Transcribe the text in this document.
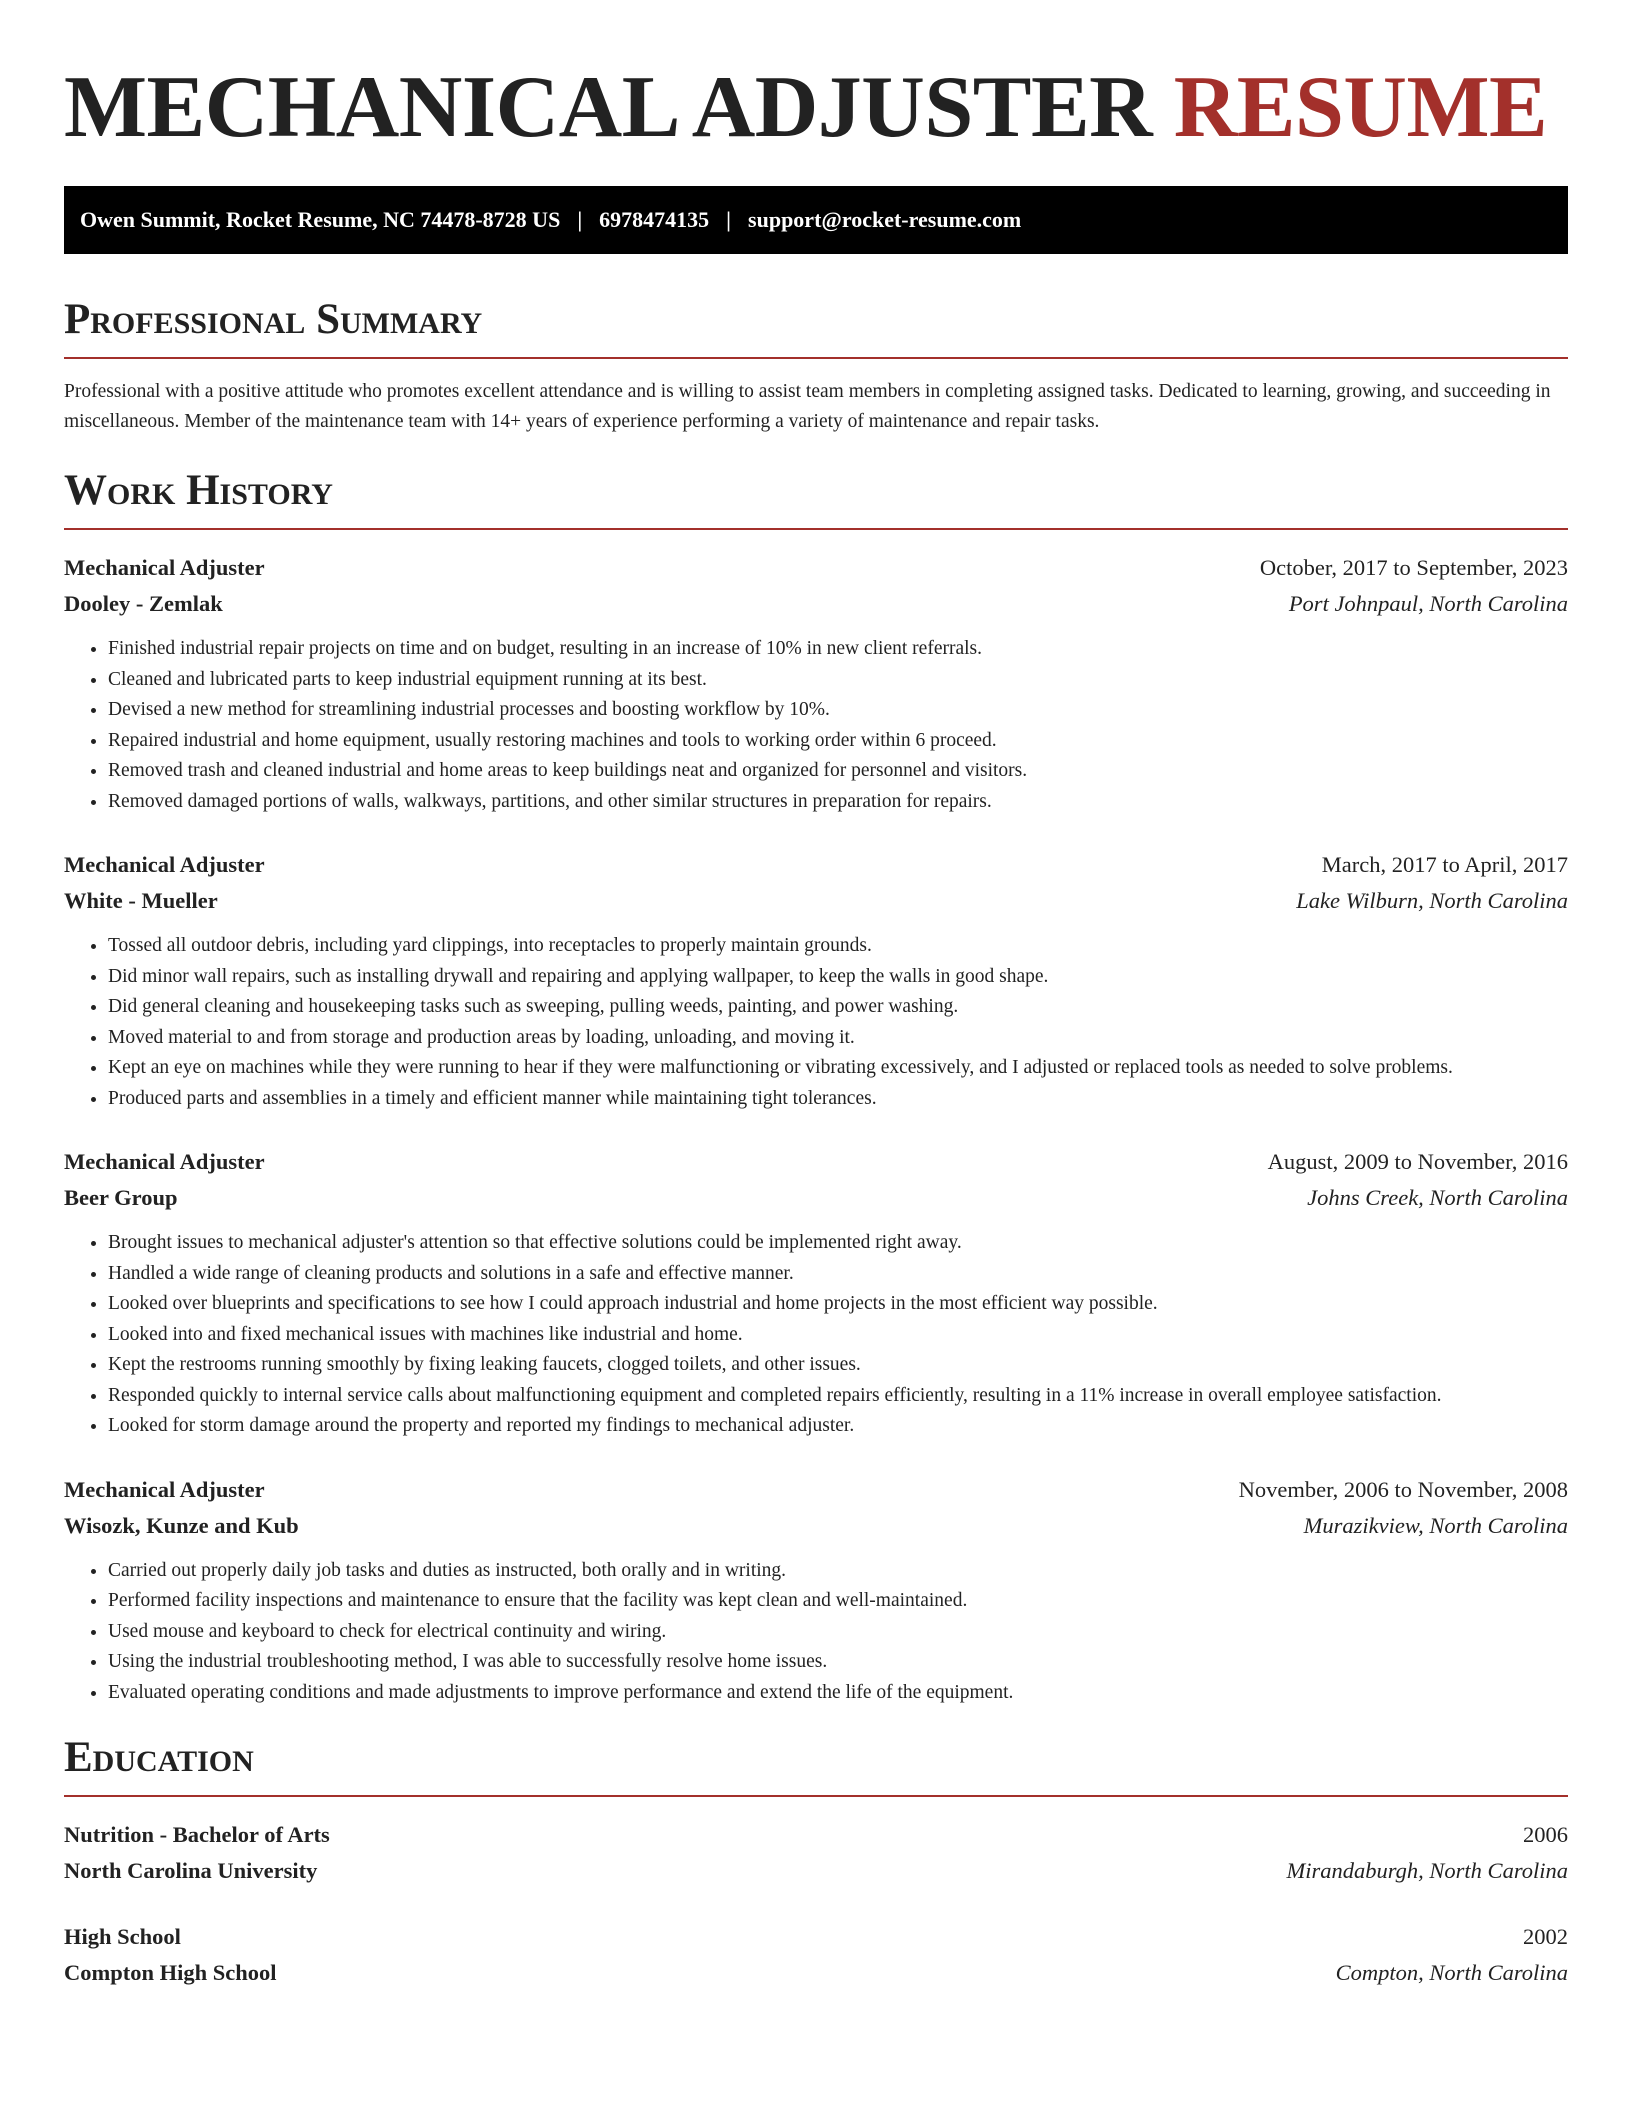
MECHANICAL ADJUSTER RESUME
Owen Summit, Rocket Resume, NC 74478-8728 US | 6978474135 | support@rocket-resume.com
Professional Summary

Professional with a positive attitude who promotes excellent attendance and is willing to assist team members in completing assigned tasks. Dedicated to learning, growing, and succeeding in miscellaneous. Member of the maintenance team with 14+ years of experience performing a variety of maintenance and repair tasks.

Work History
Mechanical Adjuster	October, 2017 to September, 2023
Dooley - Zemlak	Port Johnpaul, North Carolina
• Finished industrial repair projects on time and on budget, resulting in an increase of 10% in new client referrals.
• Cleaned and lubricated parts to keep industrial equipment running at its best.
• Devised a new method for streamlining industrial processes and boosting workflow by 10%.
• Repaired industrial and home equipment, usually restoring machines and tools to working order within 6 proceed.
• Removed trash and cleaned industrial and home areas to keep buildings neat and organized for personnel and visitors.
• Removed damaged portions of walls, walkways, partitions, and other similar structures in preparation for repairs.
Mechanical Adjuster	March, 2017 to April, 2017
White - Mueller	Lake Wilburn, North Carolina
• Tossed all outdoor debris, including yard clippings, into receptacles to properly maintain grounds.
• Did minor wall repairs, such as installing drywall and repairing and applying wallpaper, to keep the walls in good shape.
• Did general cleaning and housekeeping tasks such as sweeping, pulling weeds, painting, and power washing.
• Moved material to and from storage and production areas by loading, unloading, and moving it.
• Kept an eye on machines while they were running to hear if they were malfunctioning or vibrating excessively, and I adjusted or replaced tools as needed to solve problems.
• Produced parts and assemblies in a timely and efficient manner while maintaining tight tolerances.
Mechanical Adjuster	August, 2009 to November, 2016
Beer Group	Johns Creek, North Carolina
• Brought issues to mechanical adjuster's attention so that effective solutions could be implemented right away.
• Handled a wide range of cleaning products and solutions in a safe and effective manner.
• Looked over blueprints and specifications to see how I could approach industrial and home projects in the most efficient way possible.
• Looked into and fixed mechanical issues with machines like industrial and home.
• Kept the restrooms running smoothly by fixing leaking faucets, clogged toilets, and other issues.
• Responded quickly to internal service calls about malfunctioning equipment and completed repairs efficiently, resulting in a 11% increase in overall employee satisfaction.
• Looked for storm damage around the property and reported my findings to mechanical adjuster.
Mechanical Adjuster	November, 2006 to November, 2008
Wisozk, Kunze and Kub	Murazikview, North Carolina
• Carried out properly daily job tasks and duties as instructed, both orally and in writing.
• Performed facility inspections and maintenance to ensure that the facility was kept clean and well-maintained.
• Used mouse and keyboard to check for electrical continuity and wiring.
• Using the industrial troubleshooting method, I was able to successfully resolve home issues.
• Evaluated operating conditions and made adjustments to improve performance and extend the life of the equipment.
Education
Nutrition - Bachelor of Arts	2006
North Carolina University	Mirandaburgh, North Carolina
High School	2002
Compton High School	Compton, North Carolina
